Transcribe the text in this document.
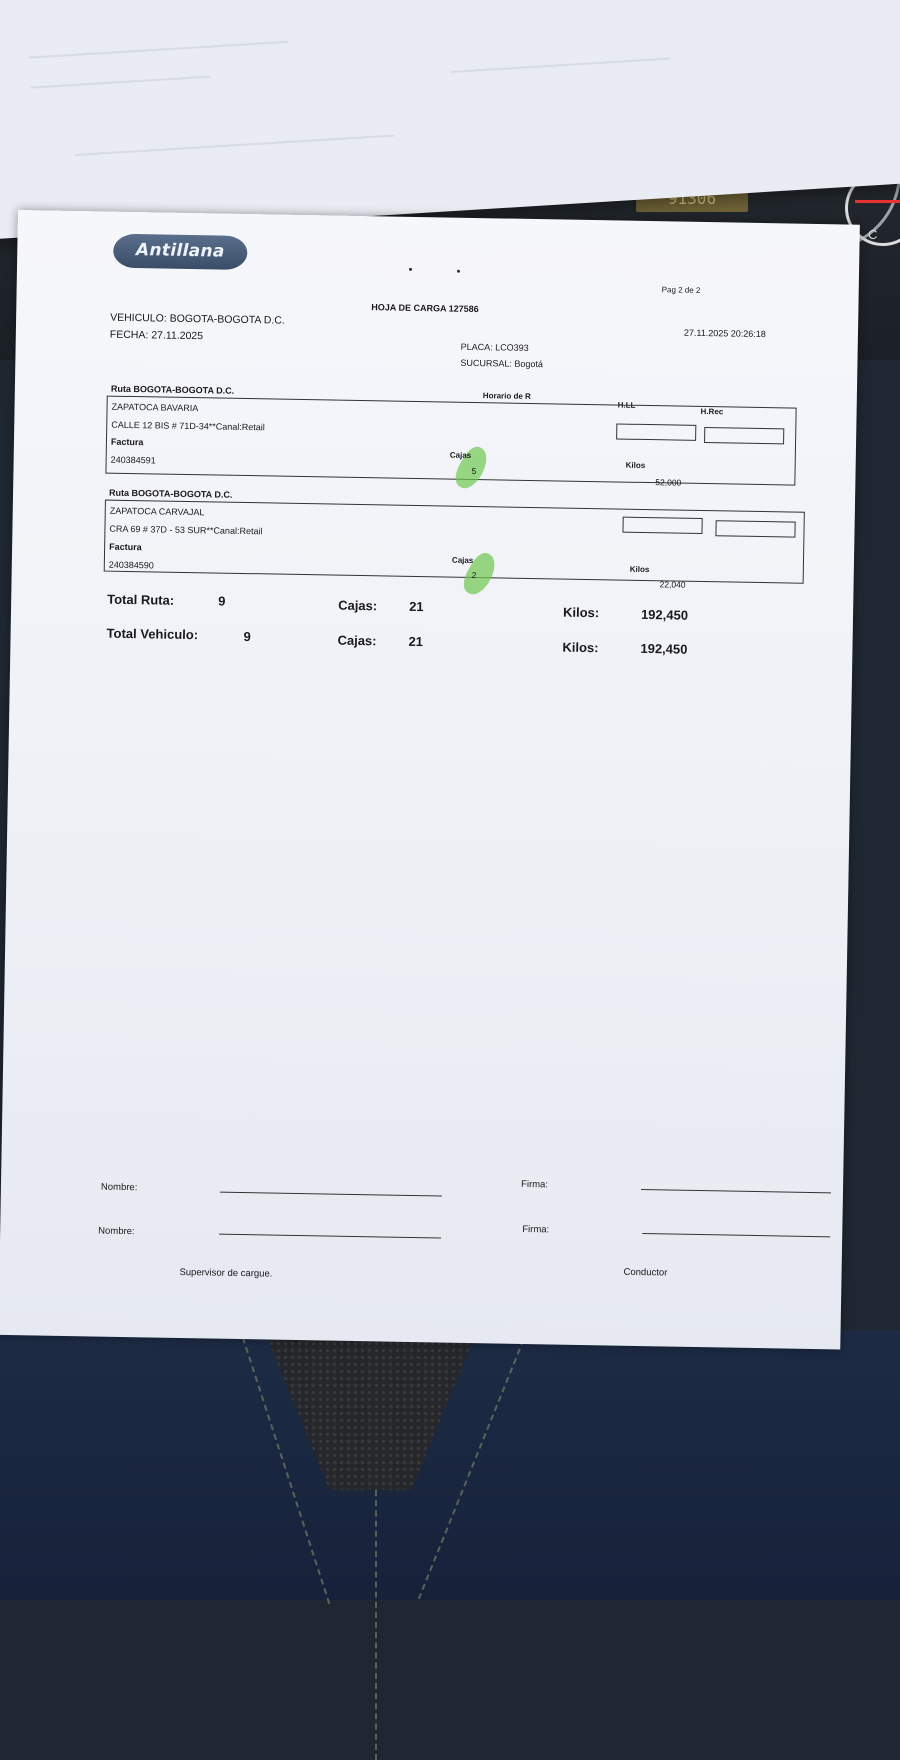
91306
C
Antillana
Pag 2 de 2
HOJA DE CARGA 127586
27.11.2025 20:26:18
VEHICULO: BOGOTA-BOGOTA D.C.
FECHA: 27.11.2025
PLACA: LCO393
SUCURSAL: Bogotá
Horario de R
H.LL
H.Rec
Ruta BOGOTA-BOGOTA D.C.
ZAPATOCA BAVARIA
CALLE 12 BIS # 71D-34**Canal:Retail
Factura
240384591	Cajas
5
Kilos
52,000
Ruta BOGOTA-BOGOTA D.C.
ZAPATOCA CARVAJAL
CRA 69 # 37D - 53 SUR**Canal:Retail
Factura
240384590	Cajas
2
Kilos
22,040
Total Ruta:	9	Cajas: 21	Kilos:	192,450
Total Vehiculo:	9	Cajas: 21	Kilos:	192,450
Nombre:	Firma:
Nombre:	Firma:
Supervisor de cargue.	Conductor
